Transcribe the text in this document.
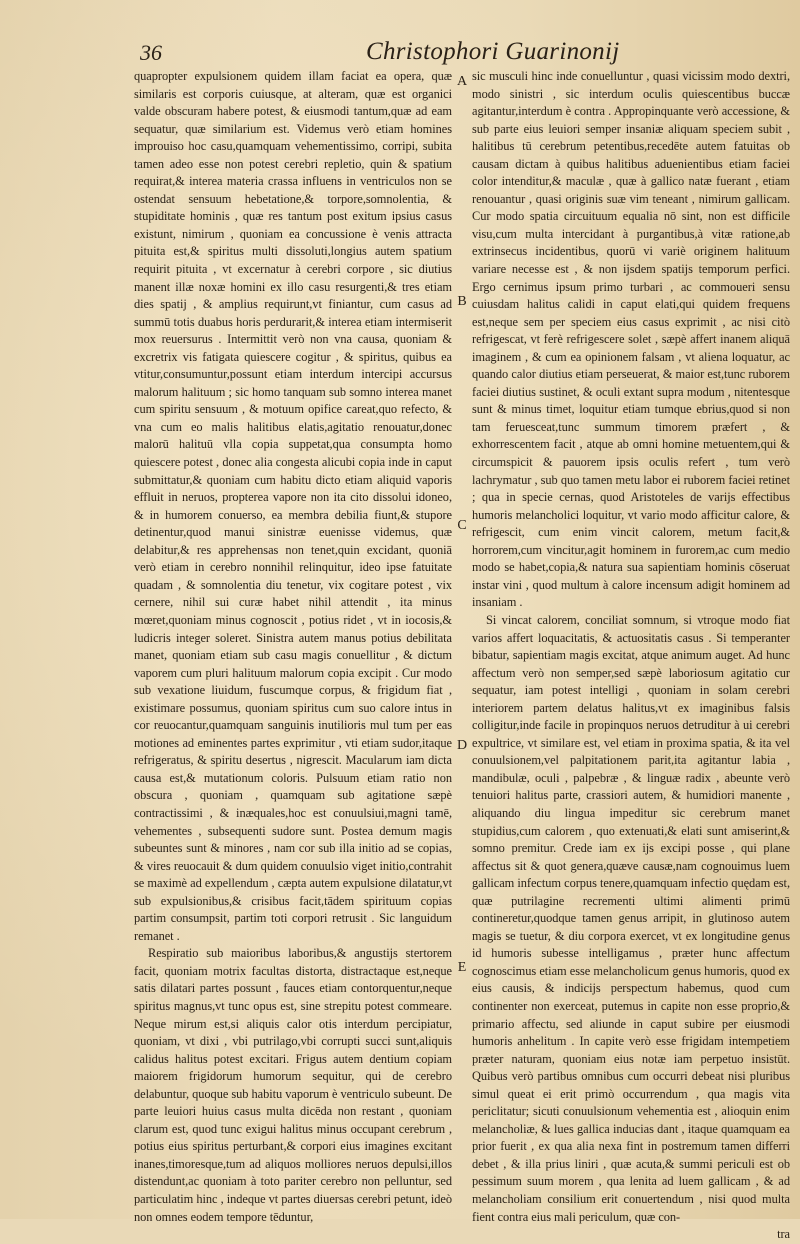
36	Christophori Guarinonij

quapropter expulsionem quidem illam faciat ea opera, quæ similaris est corporis cuiusque, at alteram, quæ est organici valde obscuram habere potest, & eiusmodi tantum,quæ ad eam sequatur, quæ similarium est. Videmus verò etiam homines improuiso hoc casu,quamquam vehementissimo, corripi, subita tamen adeo esse non potest cerebri repletio, quin & spatium requirat,& interea materia crassa influens in ventriculos non se ostendat sensuum hebetatione,& torpore,somnolentia, & stupiditate hominis , quæ res tantum post exitum ipsius casus existunt, nimirum , quoniam ea concussione è venis attracta pituita est,& spiritus multi dissoluti,longius autem spatium requirit pituita , vt excernatur à cerebri corpore , sic diutius manent illæ noxæ homini ex illo casu resurgenti,& tres etiam dies spatij , & amplius requirunt,vt finiantur, cum casus ad summū totis duabus horis perdurarit,& interea etiam intermiserit mox reuersurus . Intermittit verò non vna causa, quoniam & excretrix vis fatigata quiescere cogitur , & spiritus, quibus ea vtitur,consumuntur,possunt etiam interdum intercipi accursus malorum halituum ; sic homo tanquam sub somno interea manet cum spiritu sensuum , & motuum opifice careat,quo refecto, & vna cum eo malis halitibus elatis,agitatio renouatur,donec malorū halituū vlla copia suppetat,qua consumpta homo quiescere potest , donec alia congesta alicubi copia inde in caput submittatur,& quoniam cum habitu dicto etiam aliquid vaporis effluit in neruos, propterea vapore non ita cito dissolui idoneo, & in humorem conuerso, ea membra debilia fiunt,& stupore detinentur,quod manui sinistræ euenisse videmus, quæ delabitur,& res apprehensas non tenet,quin excidant, quoniā verò etiam in cerebro nonnihil relinquitur, ideo ipse fatuitate quadam , & somnolentia diu tenetur, vix cogitare potest , vix cernere, nihil sui curæ habet nihil attendit , ita minus mœret,quoniam minus cognoscit , potius ridet , vt in iocosis,& ludicris integer soleret. Sinistra autem manus potius debilitata manet, quoniam etiam sub casu magis conuellitur , & dictum vaporem cum pluri halituum malorum copia excipit . Cur modo sub vexatione liuidum, fuscumque corpus, & frigidum fiat , existimare possumus, quoniam spiritus cum suo calore intus in cor reuocantur,quamquam sanguinis inutilioris mul tum per eas motiones ad eminentes partes exprimitur , vti etiam sudor,itaque refrigeratus, & spiritu desertus , nigrescit. Macularum iam dicta causa est,& mutationum coloris. Pulsuum etiam ratio non obscura , quoniam , quamquam sub agitatione sæpè contractissimi , & inæquales,hoc est conuulsiui,magni tamē, vehementes , subsequenti sudore sunt. Postea demum magis subeuntes sunt & minores , nam cor sub illa initio ad se copias, & vires reuocauit & dum quidem conuulsio viget initio,contrahit se maximè ad expellendum , cæpta autem expulsione dilatatur,vt sub expulsionibus,& crisibus facit,tādem spirituum copias partim consumpsit, partim toti corpori retrusit . Sic languidum remanet .

Respiratio sub maioribus laboribus,& angustijs stertorem facit, quoniam motrix facultas distorta, distractaque est,neque satis dilatari partes possunt , fauces etiam contorquentur,neque spiritus magnus,vt tunc opus est, sine strepitu potest commeare. Neque mirum est,si aliquis calor otis interdum percipiatur, quoniam, vt dixi , vbi putrilago,vbi corrupti succi sunt,aliquis calidus halitus potest excitari. Frigus autem dentium copiam maiorem frigidorum humorum sequitur, qui de cerebro delabuntur, quoque sub habitu vaporum è ventriculo subeunt. De parte leuiori huius casus multa dicēda non restant , quoniam clarum est, quod tunc exigui halitus minus occupant cerebrum , potius eius spiritus perturbant,& corpori eius imagines excitant inanes,timoresque,tum ad aliquos molliores neruos depulsi,illos distendunt,ac quoniam à toto pariter cerebro non pelluntur, sed particulatim hinc , indeque vt partes diuersas cerebri petunt, ideò non omnes eodem tempore tēduntur,

A
B
C
D
E

sic musculi hinc inde conuelluntur , quasi vicissim modo dextri, modo sinistri , sic interdum oculis quiescentibus buccæ agitantur,interdum è contra . Appropinquante verò accessione, & sub parte eius leuiori semper insaniæ aliquam speciem subit , halitibus tū cerebrum petentibus,recedēte autem fatuitas ob causam dictam à quibus halitibus aduenientibus etiam faciei color intenditur,& maculæ , quæ à gallico natæ fuerant , etiam renouantur , quasi originis suæ vim teneant , nimirum gallicam. Cur modo spatia circuituum equalia nō sint, non est difficile visu,cum multa intercidant à purgantibus,à vitæ ratione,ab extrinsecus incidentibus, quorū vi variè originem halituum variare necesse est , & non ijsdem spatijs temporum perfici. Ergo cernimus ipsum primo turbari , ac commoueri sensu cuiusdam halitus calidi in caput elati,qui quidem frequens est,neque sem per speciem eius casus exprimit , ac nisi citò refrigescat, vt ferè refrigescere solet , sæpè affert inanem aliquā imaginem , & cum ea opinionem falsam , vt aliena loquatur, ac quando calor diutius etiam perseuerat, & maior est,tunc ruborem faciei diutius sustinet, & oculi extant supra modum , nitentesque sunt & minus timet, loquitur etiam tumque ebrius,quod si non tam feruesceat,tunc summum timorem præfert , & exhorrescentem facit , atque ab omni homine metuentem,qui & circumspicit & pauorem ipsis oculis refert , tum verò lachrymatur , sub quo tamen metu labor ei ruborem faciei retinet ; qua in specie cernas, quod Aristoteles de varijs effectibus humoris melancholici loquitur, vt vario modo afficitur calore, & refrigescit, cum enim vincit calorem, metum facit,& horrorem,cum vincitur,agit hominem in furorem,ac cum medio modo se habet,copia,& natura sua sapientiam hominis cōseruat instar vini , quod multum à calore incensum adigit hominem ad insaniam .

Si vincat calorem, conciliat somnum, si vtroque modo fiat varios affert loquacitatis, & actuositatis casus . Si temperanter bibatur, sapientiam magis excitat, atque animum auget. Ad hunc affectum verò non semper,sed sæpè laboriosum agitatio cur sequatur, iam potest intelligi , quoniam in solam cerebri interiorem partem delatus halitus,vt ex imaginibus falsis colligitur,inde facile in propinquos neruos detruditur à ui cerebri expultrice, vt similare est, vel etiam in proxima spatia, & ita vel conuulsionem,vel palpitationem parit,ita agitantur labia , mandibulæ, oculi , palpebræ , & linguæ radix , abeunte verò tenuiori halitus parte, crassiori autem, & humidiori manente , aliquando diu lingua impeditur sic cerebrum manet stupidius,cum calorem , quo extenuati,& elati sunt amiserint,& somno premitur. Crede iam ex ijs excipi posse , qui plane affectus sit & quot genera,quæve causæ,nam cognouimus luem gallicam infectum corpus tenere,quamquam infectio quędam est, quæ putrilagine recrementi ultimi alimenti primū contineretur,quodque tamen genus arripit, in glutinoso autem magis se tuetur, & diu corpora exercet, vt ex longitudine genus id humoris subesse intelligamus , præter hunc affectum cognoscimus etiam esse melancholicum genus humoris, quod ex eius causis, & indicijs perspectum habemus, quod cum continenter non exerceat, putemus in capite non esse proprio,& primario affectu, sed aliunde in caput subire per eiusmodi humoris anhelitum . In capite verò esse frigidam intempetiem præter naturam, quoniam eius notæ iam perpetuo insistūt. Quibus verò partibus omnibus cum occurri debeat nisi pluribus simul queat ei erit primò occurrendum , qua magis vita periclitatur; sicuti conuulsionum vehementia est , alioquin enim melancholiæ, & lues gallica inducias dant , itaque quamquam ea prior fuerit , ex qua alia nexa fint in postremum tamen differri debet , & illa prius liniri , quæ acuta,& summi periculi est ob pessimum suum morem , qua lenita ad luem gallicam , & ad melancholiam consilium erit conuertendum , nisi quod multa fient contra eius mali periculum, quæ con-

tra
